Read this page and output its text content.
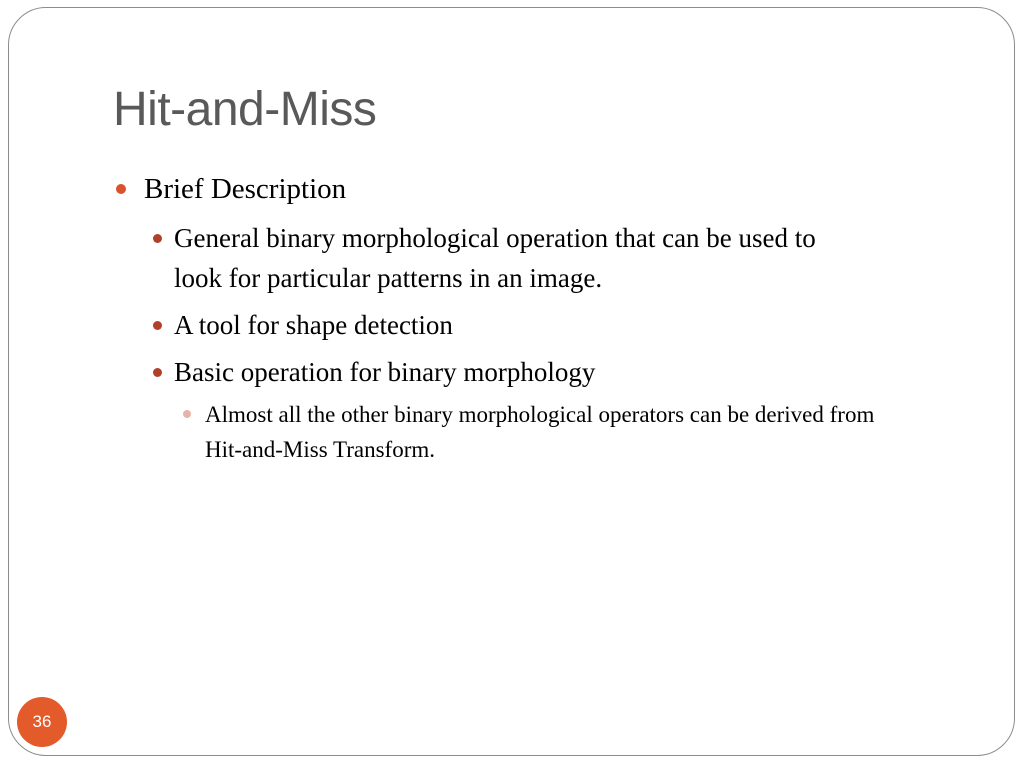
Hit-and-Miss
Brief Description
General binary morphological operation that can be used to
look for particular patterns in an image.
A tool for shape detection
Basic operation for binary morphology
Almost all the other binary morphological operators can be derived from
Hit-and-Miss Transform.
36
